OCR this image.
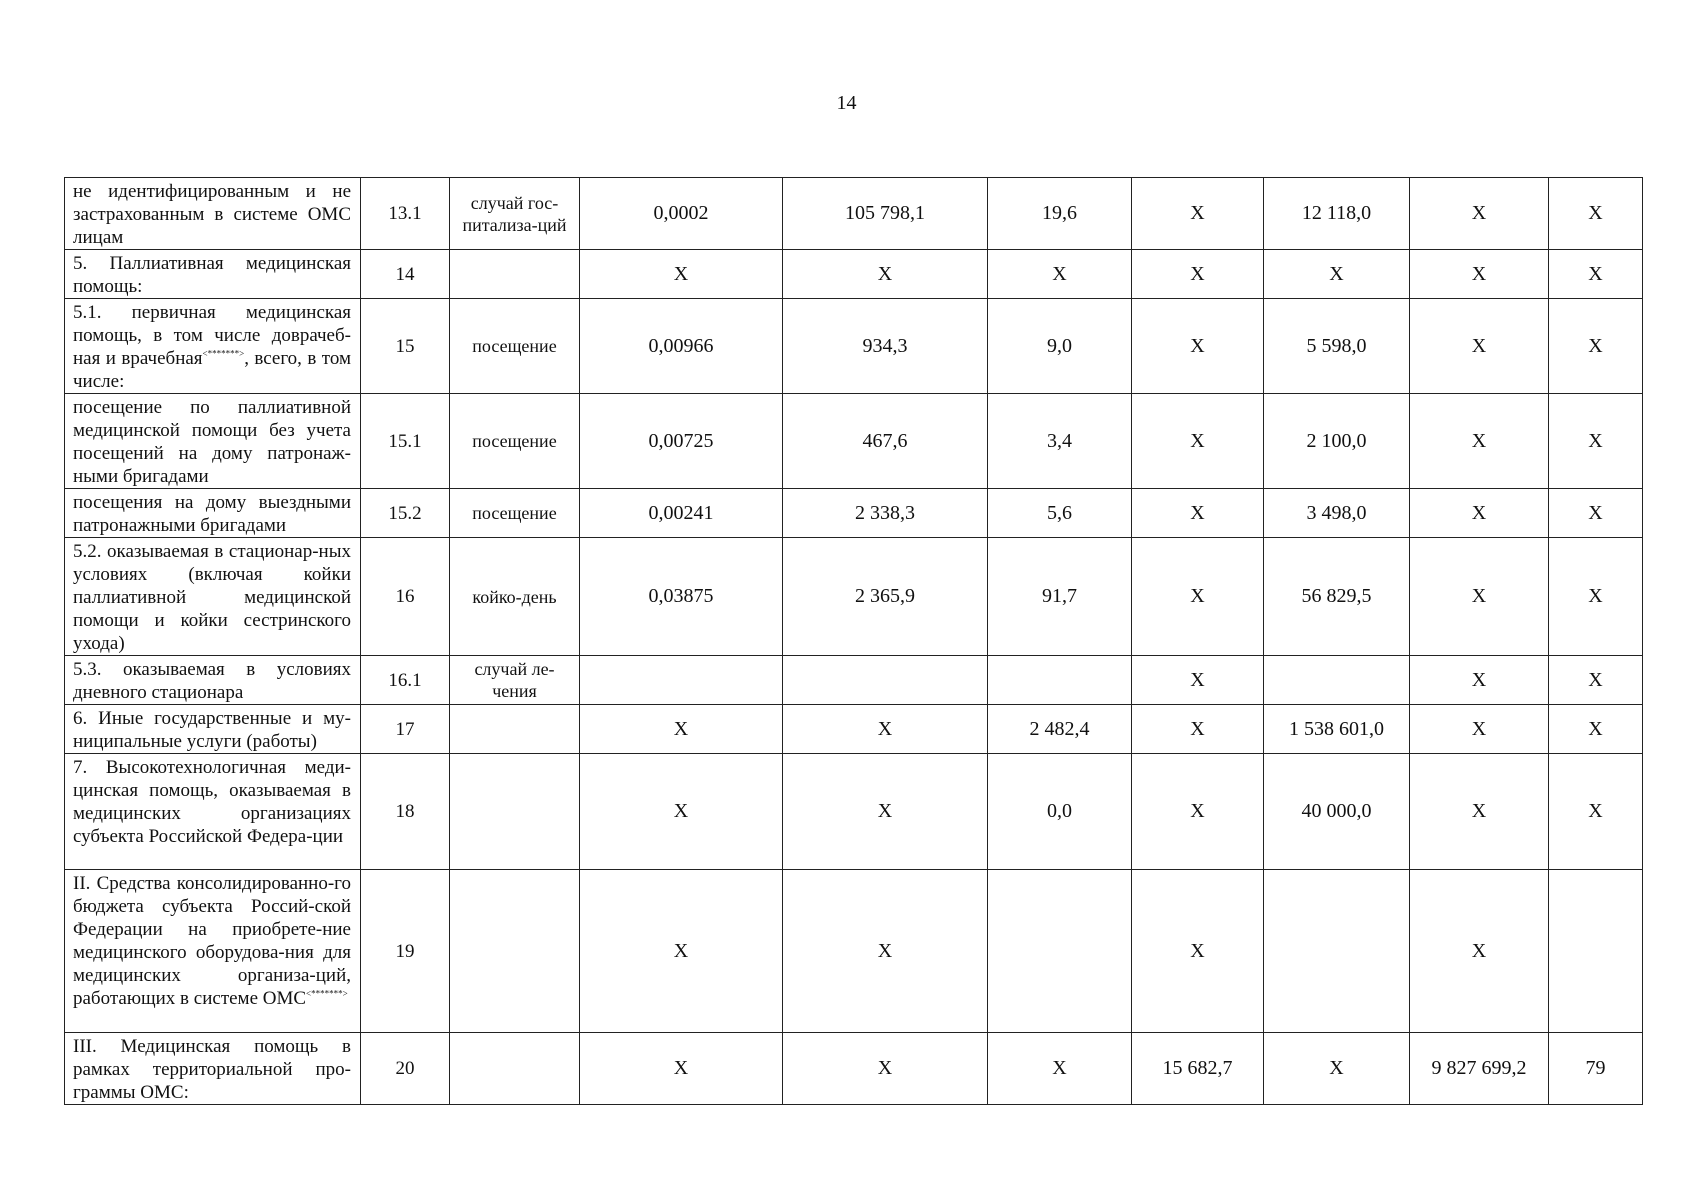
14
не идентифицированным и не застрахованным в системе ОМС лицам	13.1	случай гос-питализа-ций	0,0002	105 798,1	19,6	X	12 118,0	X	X
5. Паллиативная медицинская помощь:	14		X	X	X	X	X	X	X
5.1. первичная медицинская помощь, в том числе доврачеб-ная и врачебная<*******>, всего, в том числе:	15	посещение	0,00966	934,3	9,0	X	5 598,0	X	X
посещение по паллиативной медицинской помощи без учета посещений на дому патронаж-ными бригадами	15.1	посещение	0,00725	467,6	3,4	X	2 100,0	X	X
посещения на дому выездными патронажными бригадами	15.2	посещение	0,00241	2 338,3	5,6	X	3 498,0	X	X
5.2. оказываемая в стационар-ных условиях (включая койки паллиативной медицинской помощи и койки сестринского ухода)	16	койко-день	0,03875	2 365,9	91,7	X	56 829,5	X	X
5.3. оказываемая в условиях дневного стационара	16.1	случай ле-чения				X		X	X
6. Иные государственные и му-ниципальные услуги (работы)	17		X	X	2 482,4	X	1 538 601,0	X	X
7. Высокотехнологичная меди-цинская помощь, оказываемая в медицинских организациях субъекта Российской Федера-ции	18		X	X	0,0	X	40 000,0	X	X
II. Средства консолидированно-го бюджета субъекта Россий-ской Федерации на приобрете-ние медицинского оборудова-ния для медицинских организа-ций, работающих в системе ОМС<*******>	19		X	X		X		X	
III. Медицинская помощь в рамках территориальной про-граммы ОМС:	20		X	X	X	15 682,7	X	9 827 699,2	79
